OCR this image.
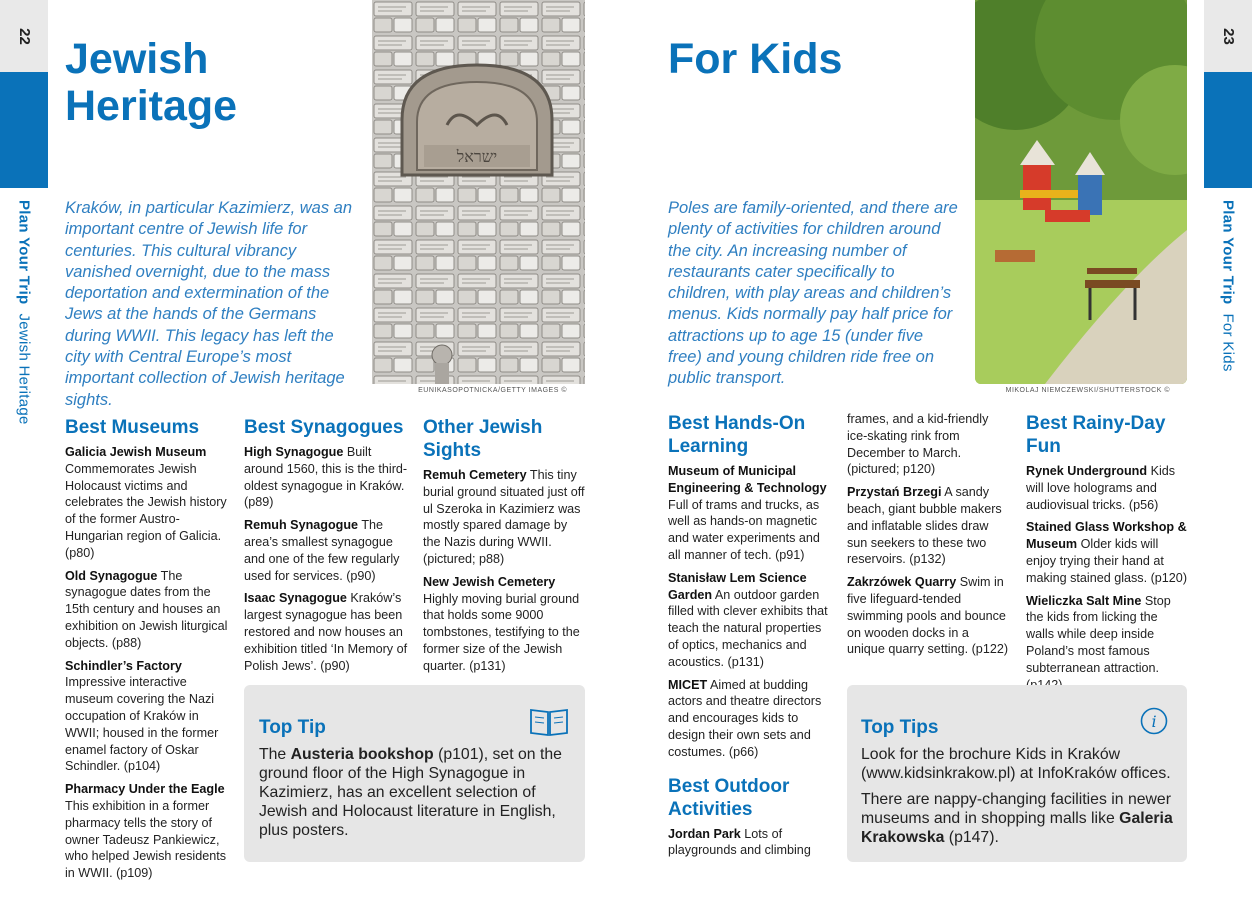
22
Plan Your Trip  Jewish Heritage
Jewish
Heritage
Kraków, in particular Kazimierz, was an important centre of Jewish life for centuries. This cultural vibrancy vanished overnight, due to the mass deportation and extermination of the Jews at the hands of the Germans during WWII. This legacy has left the city with Central Europe’s most important collection of Jewish heritage sights.
ישראל
EUNIKASOPOTNICKA/GETTY IMAGES ©
Best Museums

Galicia Jewish Museum Commemorates Jewish Holocaust victims and celebrates the Jewish history of the former Austro-Hungarian region of Galicia. (p80)

Old Synagogue The synagogue dates from the 15th century and houses an exhibition on Jewish liturgical objects. (p88)

Schindler’s Factory Impressive interactive museum covering the Nazi occupation of Kraków in WWII; housed in the former enamel factory of Oskar Schindler. (p104)

Pharmacy Under the Eagle This exhibition in a former pharmacy tells the story of owner Tadeusz Pankiewicz, who helped Jewish residents in WWII. (p109)

Best Synagogues

High Synagogue Built around 1560, this is the third-oldest synagogue in Kraków. (p89)

Remuh Synagogue The area’s smallest synagogue and one of the few regularly used for services. (p90)

Isaac Synagogue Kraków’s largest synagogue has been restored and now houses an exhibition titled ‘In Memory of Polish Jews’. (p90)

Other Jewish Sights

Remuh Cemetery This tiny burial ground situated just off ul Szeroka in Kazimierz was mostly spared damage by the Nazis during WWII. (pictured; p88)

New Jewish Cemetery Highly moving burial ground that holds some 9000 tombstones, testifying to the former size of the Jewish quarter. (p131)

Top Tip
The Austeria bookshop (p101), set on the ground floor of the High Synagogue in Kazimierz, has an excellent selection of Jewish and Holocaust literature in English, plus posters.
23
Plan Your Trip  For Kids
For Kids
Poles are family-oriented, and there are plenty of activities for children around the city. An increasing number of restaurants cater specifically to children, with play areas and children’s menus. Kids normally pay half price for attractions up to age 15 (under five free) and young children ride free on public transport.
MIKOLAJ NIEMCZEWSKI/SHUTTERSTOCK ©
Best Hands-On Learning

Museum of Municipal Engineering & Technology Full of trams and trucks, as well as hands-on magnetic and water experiments and all manner of tech. (p91)

Stanisław Lem Science Garden An outdoor garden filled with clever exhibits that teach the natural properties of optics, mechanics and acoustics. (p131)

MICET Aimed at budding actors and theatre directors and encourages kids to design their own sets and costumes. (p66)

Best Outdoor Activities

Jordan Park Lots of playgrounds and climbing

frames, and a kid-friendly ice-skating rink from December to March. (pictured; p120)

Przystań Brzegi A sandy beach, giant bubble makers and inflatable slides draw sun seekers to these two reservoirs. (p132)

Zakrzówek Quarry Swim in five lifeguard-tended swimming pools and bounce on wooden docks in a unique quarry setting. (p122)

Best Rainy-Day Fun

Rynek Underground Kids will love holograms and audiovisual tricks. (p56)

Stained Glass Workshop & Museum Older kids will enjoy trying their hand at making stained glass. (p120)

Wieliczka Salt Mine Stop the kids from licking the walls while deep inside Poland’s most famous subterranean attraction.

Top Tips	i

Look for the brochure Kids in Kraków (www.kidsinkrakow.pl) at InfoKraków offices.

There are nappy-changing facilities in newer museums and in shopping malls like Galeria Krakowska (p147).
